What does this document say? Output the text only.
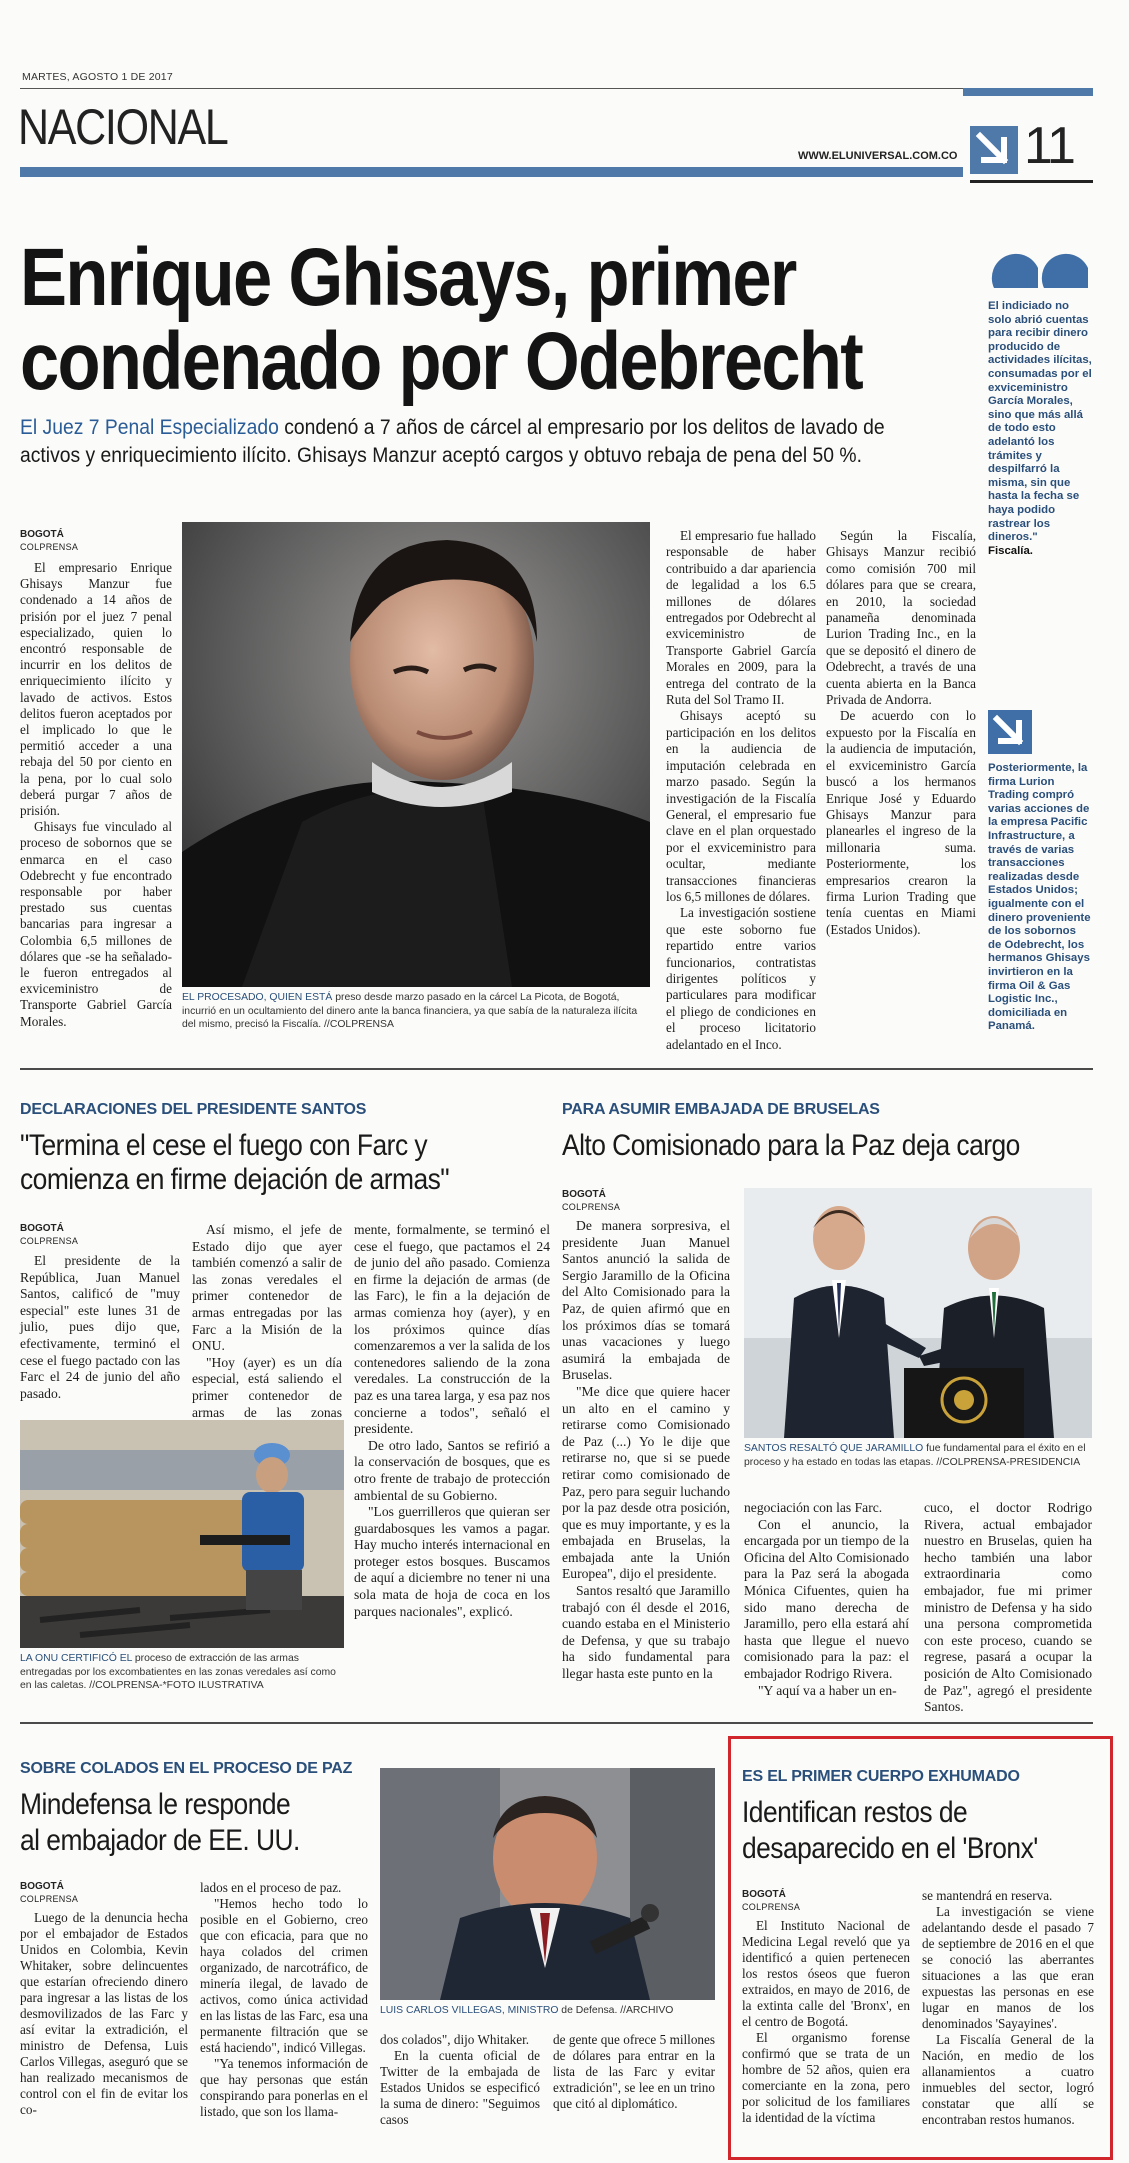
MARTES, AGOSTO 1 DE 2017
NACIONAL
WWW.ELUNIVERSAL.COM.CO 11
Enrique Ghisays, primer
condenado por Odebrecht
El Juez 7 Penal Especializado condenó a 7 años de cárcel al empresario por los delitos de lavado de
activos y enriquecimiento ilícito. Ghisays Manzur aceptó cargos y obtuvo rebaja de pena del 50 %.
BOGOTÁ
COLPRENSA

El empresario Enrique Ghisays Manzur fue condenado a 14 años de prisión por el juez 7 penal especializado, quien lo encontró responsable de incurrir en los delitos de enriquecimiento ilícito y lavado de activos. Estos delitos fueron aceptados por el implicado lo que le permitió acceder a una rebaja del 50 por ciento en la pena, por lo cual solo deberá purgar 7 años de prisión.

Ghisays fue vinculado al proceso de sobornos que se enmarca en el caso Odebrecht y fue encontrado responsable por haber prestado sus cuentas bancarias para ingresar a Colombia 6,5 millones de dólares que -se ha señalado- le fueron entregados al exviceministro de Transporte Gabriel García Morales.

EL PROCESADO, QUIEN ESTÁ preso desde marzo pasado en la cárcel La Picota, de Bogotá, incurrió en un ocultamiento del dinero ante la banca financiera, ya que sabía de la naturaleza ilícita del mismo, precisó la Fiscalía. //COLPRENSA

El empresario fue hallado responsable de haber contribuido a dar apariencia de legalidad a los 6.5 millones de dólares entregados por Odebrecht al exviceministro de Transporte Gabriel García Morales en 2009, para la entrega del contrato de la Ruta del Sol Tramo II.

Ghisays aceptó su participación en los delitos en la audiencia de imputación celebrada en marzo pasado. Según la investigación de la Fiscalía General, el empresario fue clave en el plan orquestado por el exviceministro para ocultar, mediante transacciones financieras los 6,5 millones de dólares.

La investigación sostiene que este soborno fue repartido entre varios funcionarios, contratistas dirigentes políticos y particulares para modificar el pliego de condiciones en el proceso licitatorio adelantado en el Inco.

Según la Fiscalía, Ghisays Manzur recibió como comisión 700 mil dólares para que se creara, en 2010, la sociedad panameña denominada Lurion Trading Inc., en la que se depositó el dinero de Odebrecht, a través de una cuenta abierta en la Banca Privada de Andorra.

De acuerdo con lo expuesto por la Fiscalía en la audiencia de imputación, el exviceministro García buscó a los hermanos Enrique José y Eduardo Ghisays Manzur para planearles el ingreso de la millonaria suma. Posteriormente, los empresarios crearon la firma Lurion Trading que tenía cuentas en Miami (Estados Unidos).

El indiciado no solo abrió cuentas para recibir dinero producido de actividades ilícitas, consumadas por el exviceministro García Morales, sino que más allá de todo esto adelantó los trámites y despilfarró la misma, sin que hasta la fecha se haya podido rastrear los dineros."
Fiscalía.
Posteriormente, la firma Lurion Trading compró varias acciones de la empresa Pacific Infrastructure, a través de varias transacciones realizadas desde Estados Unidos; igualmente con el dinero proveniente de los sobornos de Odebrecht, los hermanos Ghisays invirtieron en la firma Oil & Gas Logistic Inc., domiciliada en Panamá.
DECLARACIONES DEL PRESIDENTE SANTOS
"Termina el cese el fuego con Farc y
comienza en firme dejación de armas"
BOGOTÁ
COLPRENSA

El presidente de la República, Juan Manuel Santos, calificó de "muy especial" este lunes 31 de julio, pues dijo que, efectivamente, terminó el cese el fuego pactado con las Farc el 24 de junio del año pasado.

Así mismo, el jefe de Estado dijo que ayer también comenzó a salir de las zonas veredales el primer contenedor de armas entregadas por las Farc a la Misión de la ONU.

"Hoy (ayer) es un día especial, está saliendo el primer contenedor de armas de las zonas

mente, formalmente, se terminó el cese el fuego, que pactamos el 24 de junio del año pasado. Comienza en firme la dejación de armas (de las Farc), le fin a la dejación de armas comienza hoy (ayer), y en los próximos quince días comenzaremos a ver la salida de los contenedores saliendo de la zona veredales. La construcción de la paz es una tarea larga, y esa paz nos concierne a todos", señaló el presidente.

De otro lado, Santos se refirió a la conservación de bosques, que es otro frente de trabajo de protección ambiental de su Gobierno.

"Los guerrilleros que quieran ser guardabosques les vamos a pagar. Hay mucho interés internacional en proteger estos bosques. Buscamos de aquí a diciembre no tener ni una sola mata de hoja de coca en los parques nacionales", explicó.

LA ONU CERTIFICÓ EL proceso de extracción de las armas entregadas por los excombatientes en las zonas veredales así como en las caletas. //COLPRENSA-*FOTO ILUSTRATIVA
PARA ASUMIR EMBAJADA DE BRUSELAS
Alto Comisionado para la Paz deja cargo
BOGOTÁ
COLPRENSA

De manera sorpresiva, el presidente Juan Manuel Santos anunció la salida de Sergio Jaramillo de la Oficina del Alto Comisionado para la Paz, de quien afirmó que en los próximos días se tomará unas vacaciones y luego asumirá la embajada de Bruselas.

"Me dice que quiere hacer un alto en el camino y retirarse como Comisionado de Paz (...) Yo le dije que retirarse no, que si se puede retirar como comisionado de Paz, pero para seguir luchando por la paz desde otra posición, que es muy importante, y es la embajada en Bruselas, la embajada ante la Unión Europea", dijo el presidente.

Santos resaltó que Jaramillo trabajó con él desde el 2016, cuando estaba en el Ministerio de Defensa, y que su trabajo ha sido fundamental para llegar hasta este punto en la

SANTOS RESALTÓ QUE JARAMILLO fue fundamental para el éxito en el proceso y ha estado en todas las etapas. //COLPRENSA-PRESIDENCIA

negociación con las Farc.

Con el anuncio, la encargada por un tiempo de la Oficina del Alto Comisionado para la Paz será la abogada Mónica Cifuentes, quien ha sido mano derecha de Jaramillo, pero ella estará ahí hasta que llegue el nuevo comisionado para la paz: el embajador Rodrigo Rivera.

"Y aquí va a haber un en-

cuco, el doctor Rodrigo Rivera, actual embajador nuestro en Bruselas, quien ha hecho también una labor extraordinaria como embajador, fue mi primer ministro de Defensa y ha sido una persona comprometida con este proceso, cuando se regrese, pasará a ocupar la posición de Alto Comisionado de Paz", agregó el presidente Santos.

SOBRE COLADOS EN EL PROCESO DE PAZ
Mindefensa le responde
al embajador de EE. UU.
BOGOTÁ
COLPRENSA

Luego de la denuncia hecha por el embajador de Estados Unidos en Colombia, Kevin Whitaker, sobre delincuentes que estarían ofreciendo dinero para ingresar a las listas de los desmovilizados de las Farc y así evitar la extradición, el ministro de Defensa, Luis Carlos Villegas, aseguró que se han realizado mecanismos de control con el fin de evitar los co-

lados en el proceso de paz.

"Hemos hecho todo lo posible en el Gobierno, creo que con eficacia, para que no haya colados del crimen organizado, de narcotráfico, de minería ilegal, de lavado de activos, como única actividad en las listas de las Farc, esa una permanente filtración que se está haciendo", indicó Villegas.

"Ya tenemos información de que hay personas que están conspirando para ponerlas en el listado, que son los llama-

LUIS CARLOS VILLEGAS, MINISTRO de Defensa. //ARCHIVO

dos colados", dijo Whitaker.

En la cuenta oficial de Twitter de la embajada de Estados Unidos se especificó la suma de dinero: "Seguimos casos

de gente que ofrece 5 millones de dólares para entrar en la lista de las Farc y evitar extradición", se lee en un trino que citó al diplomático.

ES EL PRIMER CUERPO EXHUMADO
Identifican restos de
desaparecido en el 'Bronx'
BOGOTÁ
COLPRENSA

El Instituto Nacional de Medicina Legal reveló que ya identificó a quien pertenecen los restos óseos que fueron extraidos, en mayo de 2016, de la extinta calle del 'Bronx', en el centro de Bogotá.

El organismo forense confirmó que se trata de un hombre de 52 años, quien era comerciante en la zona, pero por solicitud de los familiares la identidad de la víctima

se mantendrá en reserva.

La investigación se viene adelantando desde el pasado 7 de septiembre de 2016 en el que se conoció las aberrantes situaciones a las que eran expuestas las personas en ese lugar en manos de los denominados 'Sayayines'.

La Fiscalía General de la Nación, en medio de los allanamientos a cuatro inmuebles del sector, logró constatar que allí se encontraban restos humanos.
